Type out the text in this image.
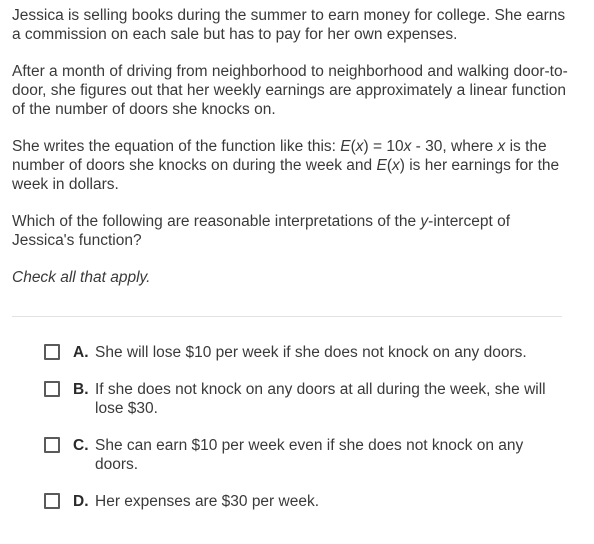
Jessica is selling books during the summer to earn money for college. She earns a commission on each sale but has to pay for her own expenses.

After a month of driving from neighborhood to neighborhood and walking door-to-door, she figures out that her weekly earnings are approximately a linear function of the number of doors she knocks on.

She writes the equation of the function like this: E(x) = 10x - 30, where x is the number of doors she knocks on during the week and E(x) is her earnings for the week in dollars.

Which of the following are reasonable interpretations of the y-intercept of Jessica's function?

Check all that apply.

A. She will lose $10 per week if she does not knock on any doors.
B. If she does not knock on any doors at all during the week, she will lose $30.
C. She can earn $10 per week even if she does not knock on any doors.
D. Her expenses are $30 per week.
